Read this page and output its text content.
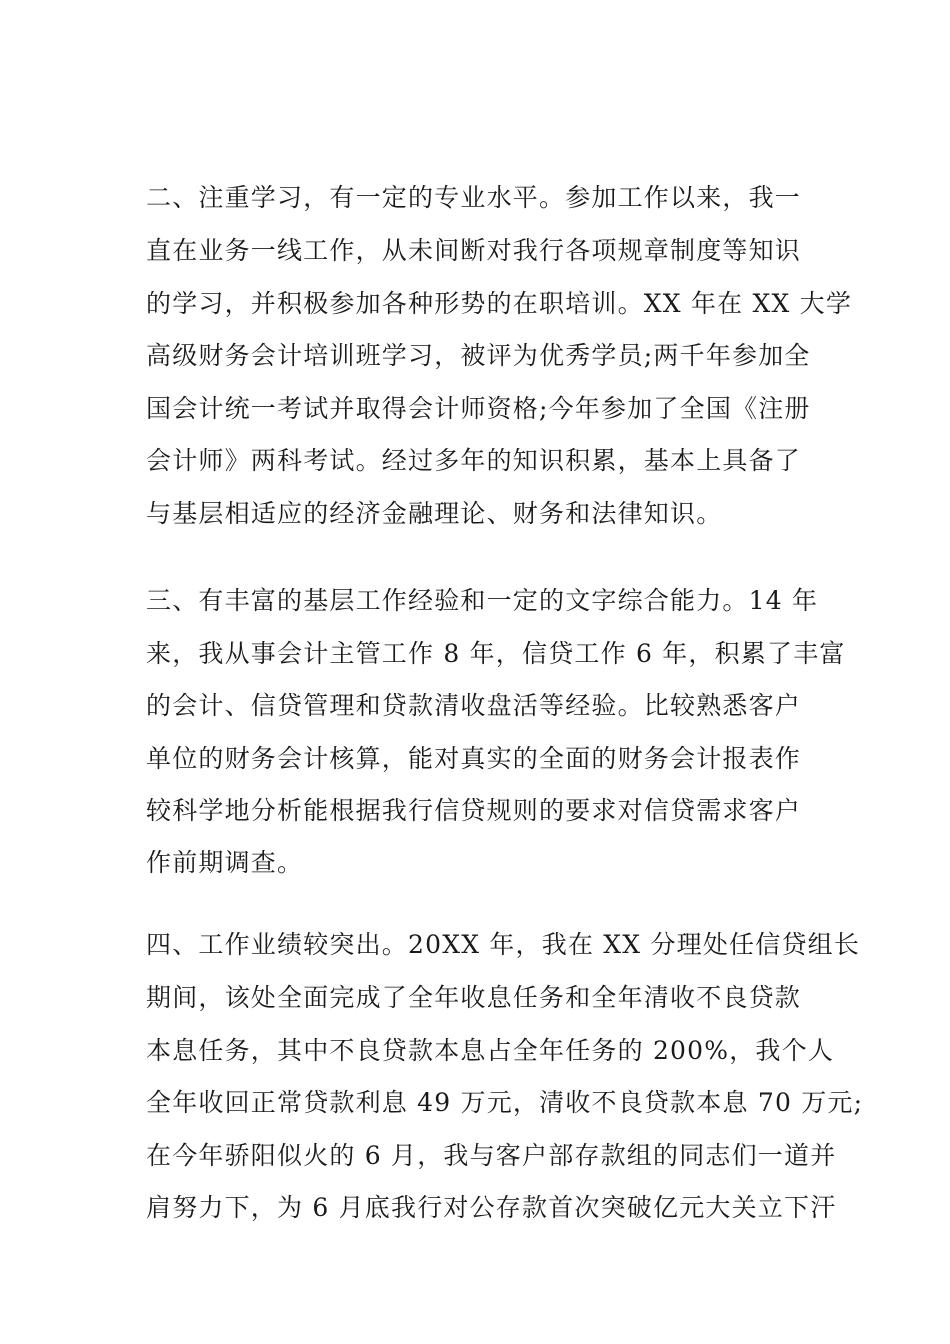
二、注重学习，有一定的专业水平。参加工作以来，我一

直在业务一线工作，从未间断对我行各项规章制度等知识

的学习，并积极参加各种形势的在职培训。XX 年在 XX 大学

高级财务会计培训班学习，被评为优秀学员;两千年参加全

国会计统一考试并取得会计师资格;今年参加了全国《注册

会计师》两科考试。经过多年的知识积累，基本上具备了

与基层相适应的经济金融理论、财务和法律知识。

三、有丰富的基层工作经验和一定的文字综合能力。14 年

来，我从事会计主管工作 8 年，信贷工作 6 年，积累了丰富

的会计、信贷管理和贷款清收盘活等经验。比较熟悉客户

单位的财务会计核算，能对真实的全面的财务会计报表作

较科学地分析能根据我行信贷规则的要求对信贷需求客户

作前期调查。

四、工作业绩较突出。20XX 年，我在 XX 分理处任信贷组长

期间，该处全面完成了全年收息任务和全年清收不良贷款

本息任务，其中不良贷款本息占全年任务的 200%，我个人

全年收回正常贷款利息 49 万元，清收不良贷款本息 70 万元;

在今年骄阳似火的 6 月，我与客户部存款组的同志们一道并

肩努力下，为 6 月底我行对公存款首次突破亿元大关立下汗
